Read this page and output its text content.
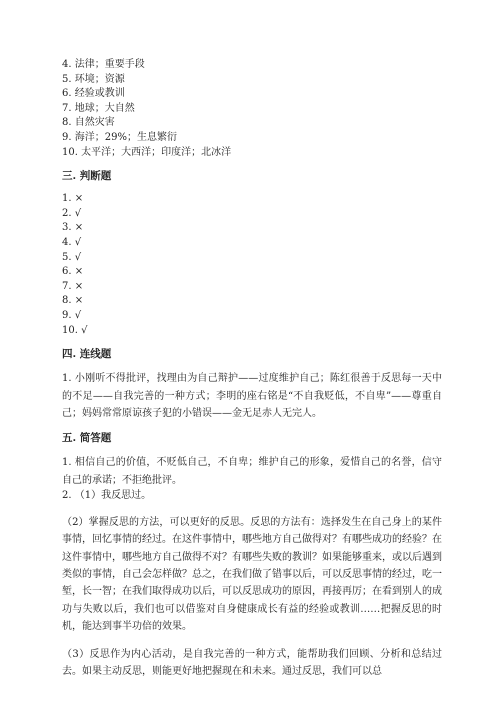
4. 法律；重要手段
5. 环境；资源
6. 经验或教训
7. 地球；大自然
8. 自然灾害
9. 海洋；29%；生息繁衍
10. 太平洋；大西洋；印度洋；北冰洋
三. 判断题
1. ×
2. √
3. ×
4. √
5. √
6. ×
7. ×
8. ×
9. √
10. √
四. 连线题
1. 小刚听不得批评，找理由为自己辩护——过度维护自己；陈红很善于反思每一天中的不足——自我完善的一种方式；李明的座右铭是“不自我贬低，不自卑”——尊重自己；妈妈常常原谅孩子犯的小错误——金无足赤人无完人。
五. 简答题
1. 相信自己的价值，不贬低自己，不自卑；维护自己的形象，爱惜自己的名誉，信守自己的承诺；不拒绝批评。
2. （1）我反思过。
（2）掌握反思的方法，可以更好的反思。反思的方法有：选择发生在自己身上的某件事情，回忆事情的经过。在这件事情中，哪些地方自己做得对？有哪些成功的经验？在这件事情中，哪些地方自己做得不对？有哪些失败的教训？如果能够重来，或以后遇到类似的事情，自己会怎样做？总之，在我们做了错事以后，可以反思事情的经过，吃一堑，长一智；在我们取得成功以后，可以反思成功的原因，再接再厉；在看到别人的成功与失败以后，我们也可以借鉴对自身健康成长有益的经验或教训……把握反思的时机，能达到事半功倍的效果。
（3）反思作为内心活动，是自我完善的一种方式，能帮助我们回顾、分析和总结过去。如果主动反思，则能更好地把握现在和未来。通过反思，我们可以总
